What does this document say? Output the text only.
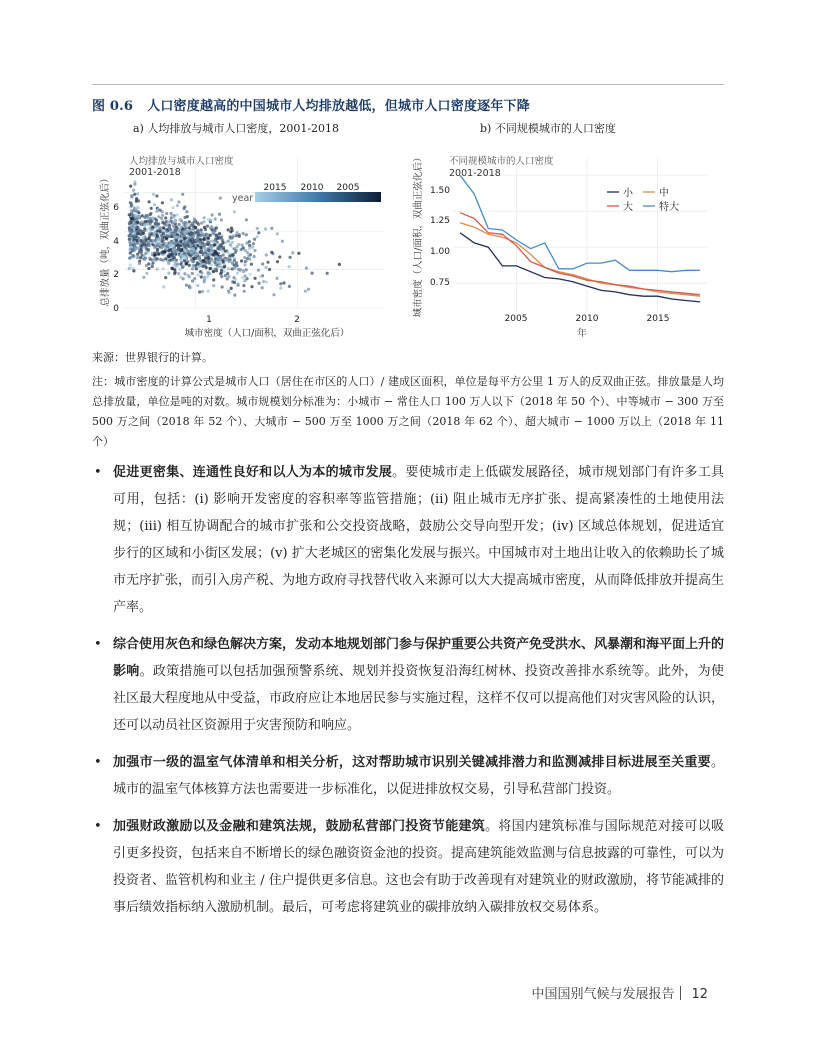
图 0.6 人口密度越高的中国城市人均排放越低，但城市人口密度逐年下降
a) 人均排放与城市人口密度，2001-2018	b) 不同规模城市的人口密度
人均排放与城市人口密度
2001-2018
year
2015 2010 2005
6
4
2
0
1	2
城市密度（人口/面积，双曲正弦化后）
总排放量（吨，双曲正弦化后）
不同规模城市的人口密度
2001-2018
小	中
大	特大
1.50
1.25
1.00
0.75
2005	2010	2015
年
城市密度（人口/面积，双曲正弦化后）
来源：世界银行的计算。
注：城市密度的计算公式是城市人口（居住在市区的人口）/ 建成区面积，单位是每平方公里 1 万人的反双曲正弦。排放量是人均总排放量，单位是吨的对数。城市规模划分标准为：小城市 − 常住人口 100 万人以下（2018 年 50 个）、中等城市 − 300 万至 500 万之间（2018 年 52 个）、大城市 − 500 万至 1000 万之间（2018 年 62 个）、超大城市 − 1000 万以上（2018 年 11 个）
• 促进更密集、连通性良好和以人为本的城市发展。要使城市走上低碳发展路径，城市规划部门有许多工具可用，包括：(i) 影响开发密度的容积率等监管措施；(ii) 阻止城市无序扩张、提高紧凑性的土地使用法规；(iii) 相互协调配合的城市扩张和公交投资战略，鼓励公交导向型开发；(iv) 区域总体规划，促进适宜步行的区域和小街区发展；(v) 扩大老城区的密集化发展与振兴。中国城市对土地出让收入的依赖助长了城市无序扩张，而引入房产税、为地方政府寻找替代收入来源可以大大提高城市密度，从而降低排放并提高生产率。
• 综合使用灰色和绿色解决方案，发动本地规划部门参与保护重要公共资产免受洪水、风暴潮和海平面上升的影响。政策措施可以包括加强预警系统、规划并投资恢复沿海红树林、投资改善排水系统等。此外，为使社区最大程度地从中受益，市政府应让本地居民参与实施过程，这样不仅可以提高他们对灾害风险的认识，还可以动员社区资源用于灾害预防和响应。
• 加强市一级的温室气体清单和相关分析，这对帮助城市识别关键减排潜力和监测减排目标进展至关重要。城市的温室气体核算方法也需要进一步标准化，以促进排放权交易，引导私营部门投资。
• 加强财政激励以及金融和建筑法规，鼓励私营部门投资节能建筑。将国内建筑标准与国际规范对接可以吸引更多投资，包括来自不断增长的绿色融资资金池的投资。提高建筑能效监测与信息披露的可靠性，可以为投资者、监管机构和业主 / 住户提供更多信息。这也会有助于改善现有对建筑业的财政激励，将节能减排的事后绩效指标纳入激励机制。最后，可考虑将建筑业的碳排放纳入碳排放权交易体系。
中国国别气候与发展报告 12
